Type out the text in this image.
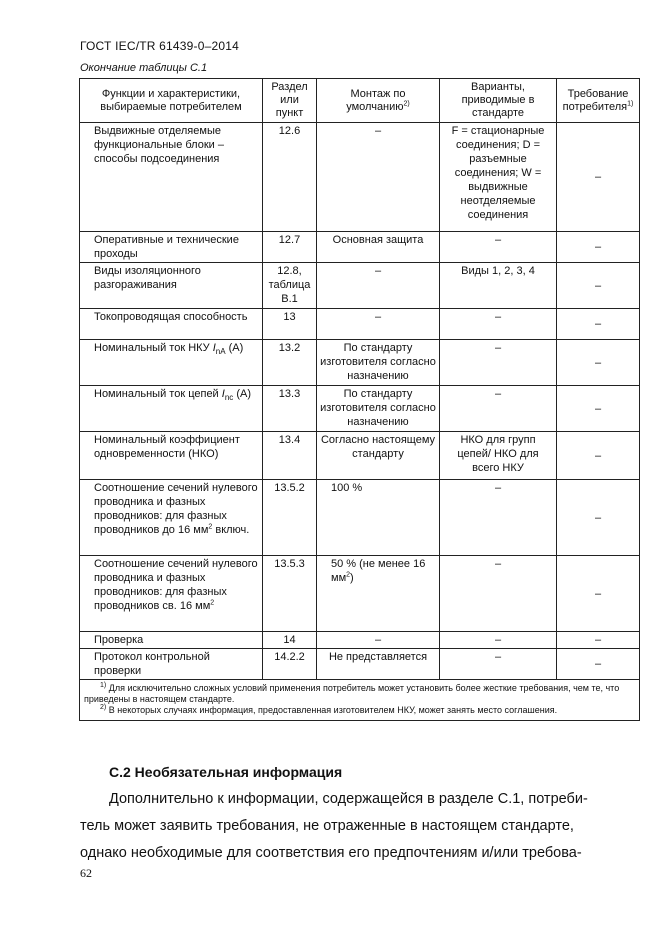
ГОСТ IEC/TR 61439-0–2014
Окончание таблицы С.1
Функции и характеристики, выбираемые потребителем	Раздел или пункт	Монтаж по умолчанию$^{2)}$	Варианты, приводимые в стандарте	Требование потребителя$^{1)}$
Выдвижные отделяемые функциональные блоки – способы подсоединения	12.6	–	F = стационарные соединения; D = разъемные соединения; W = выдвижные неотделяемые соединения	–
Оперативные и технические проходы	12.7	Основная защита	–	–
Виды изоляционного разгораживания	12.8, таблица В.1	–	Виды 1, 2, 3, 4	–
Токопроводящая способность	13	–	–	–
Номинальный ток НКУ $I_{nA}$ (А)	13.2	По стандарту изготовителя согласно назначению	–	–
Номинальный ток цепей $I_{nc}$ (А)	13.3	По стандарту изготовителя согласно назначению	–	–
Номинальный коэффициент одновременности (НКО)	13.4	Согласно настоящему стандарту	НКО для групп цепей/ НКО для всего НКУ	–
Соотношение сечений нулевого проводника и фазных проводников: для фазных проводников до 16 $мм^2$ включ.	13.5.2	100 %	–	–
Соотношение сечений нулевого проводника и фазных проводников: для фазных проводников св. 16 $мм^2$	13.5.3	50 % (не менее 16 $мм^2$)	–	–
Проверка	14	–	–	–
Протокол контрольной проверки	14.2.2	Не представляется	–	–

$^{1)}$ Для исключительно сложных условий применения потребитель может установить более жесткие требования, чем те, что приведены в настоящем стандарте.

$^{2)}$ В некоторых случаях информация, предоставленная изготовителем НКУ, может занять место соглашения.				

С.2 Необязательная информация
Дополнительно к информации, содержащейся в разделе С.1, потреби-
тель может заявить требования, не отраженные в настоящем стандарте,
однако необходимые для соответствия его предпочтениям и/или требова-
62
